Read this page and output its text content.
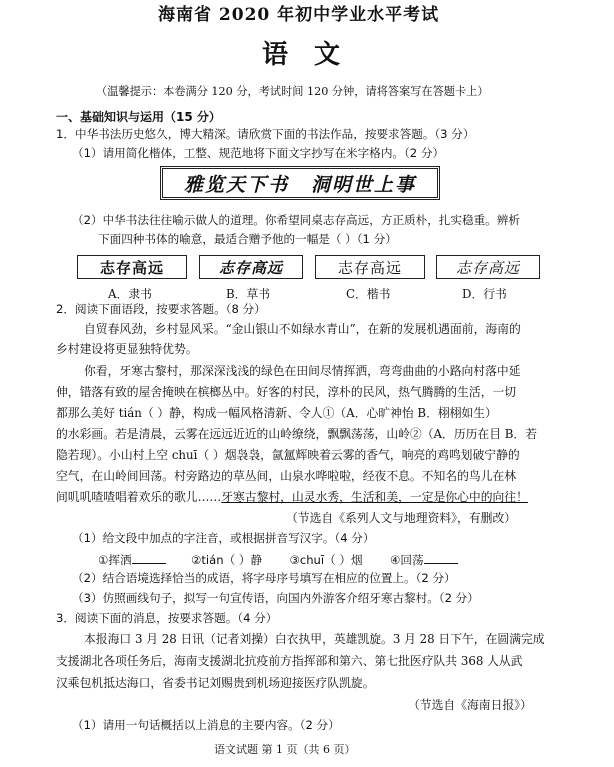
海南省 2020 年初中学业水平考试
语文
（温馨提示：本卷满分 120 分，考试时间 120 分钟，请将答案写在答题卡上）
一、基础知识与运用（15 分）
1．中华书法历史悠久，博大精深。请欣赏下面的书法作品，按要求答题。（3 分）
（1）请用简化楷体，工整、规范地将下面文字抄写在米字格内。（2 分）
雅览天下书 洞明世上事
（2）中华书法往往喻示做人的道理。你希望同桌志存高远，方正质朴，扎实稳重。辨析
下面四种书体的喻意，最适合赠予他的一幅是（ ）（1 分）
志存高远	志存高远	志存高远	志存高远
A．隶书	B．草书	C．楷书	D．行书
2．阅读下面语段，按要求答题。（8 分）
自贸春风劲，乡村显风采。“金山银山不如绿水青山”，在新的发展机遇面前，海南的
乡村建设将更显独特优势。
你看，牙寒古黎村，那深深浅浅的绿色在田间尽情挥洒，弯弯曲曲的小路向村落中延
伸，错落有致的屋舍掩映在槟榔丛中。好客的村民，淳朴的民风，热气腾腾的生活，一切
都那么美好 tián（ ）静，构成一幅风格清新、令人①（A．心旷神怡 B．栩栩如生）
的水彩画。若是清晨，云雾在远远近近的山岭缭绕，飘飘荡荡，山岭②（A．历历在目 B．若
隐若现）。小山村上空 chuī（ ）烟袅袅，氤氲辉映着云雾的香气，响亮的鸡鸣划破宁静的
空气，在山岭间回荡。村旁路边的草丛间，山泉水哗啦啦，经夜不息。不知名的鸟儿在林
间叽叽喳喳唱着欢乐的歌儿……牙寒古黎村，山灵水秀，生活和美，一定是你心中的向往！
（节选自《系列人文与地理资料》，有删改）
（1）给文段中加点的字注音，或根据拼音写汉字。（4 分）
①挥洒	②tián（ ）静 ③chuī（ ）烟 ④回荡
（2）结合语境选择恰当的成语，将字母序号填写在相应的位置上。（2 分）
（3）仿照画线句子，拟写一句宣传语，向国内外游客介绍牙寒古黎村。（2 分）
3．阅读下面的消息，按要求答题。（4 分）
本报海口 3 月 28 日讯（记者刘操）白衣执甲，英雄凯旋。3 月 28 日下午，在圆满完成
支援湖北各项任务后，海南支援湖北抗疫前方指挥部和第六、第七批医疗队共 368 人从武
汉乘包机抵达海口，省委书记刘赐贵到机场迎接医疗队凯旋。
（节选自《海南日报》）
（1）请用一句话概括以上消息的主要内容。（2 分）
语文试题 第 1 页（共 6 页）
